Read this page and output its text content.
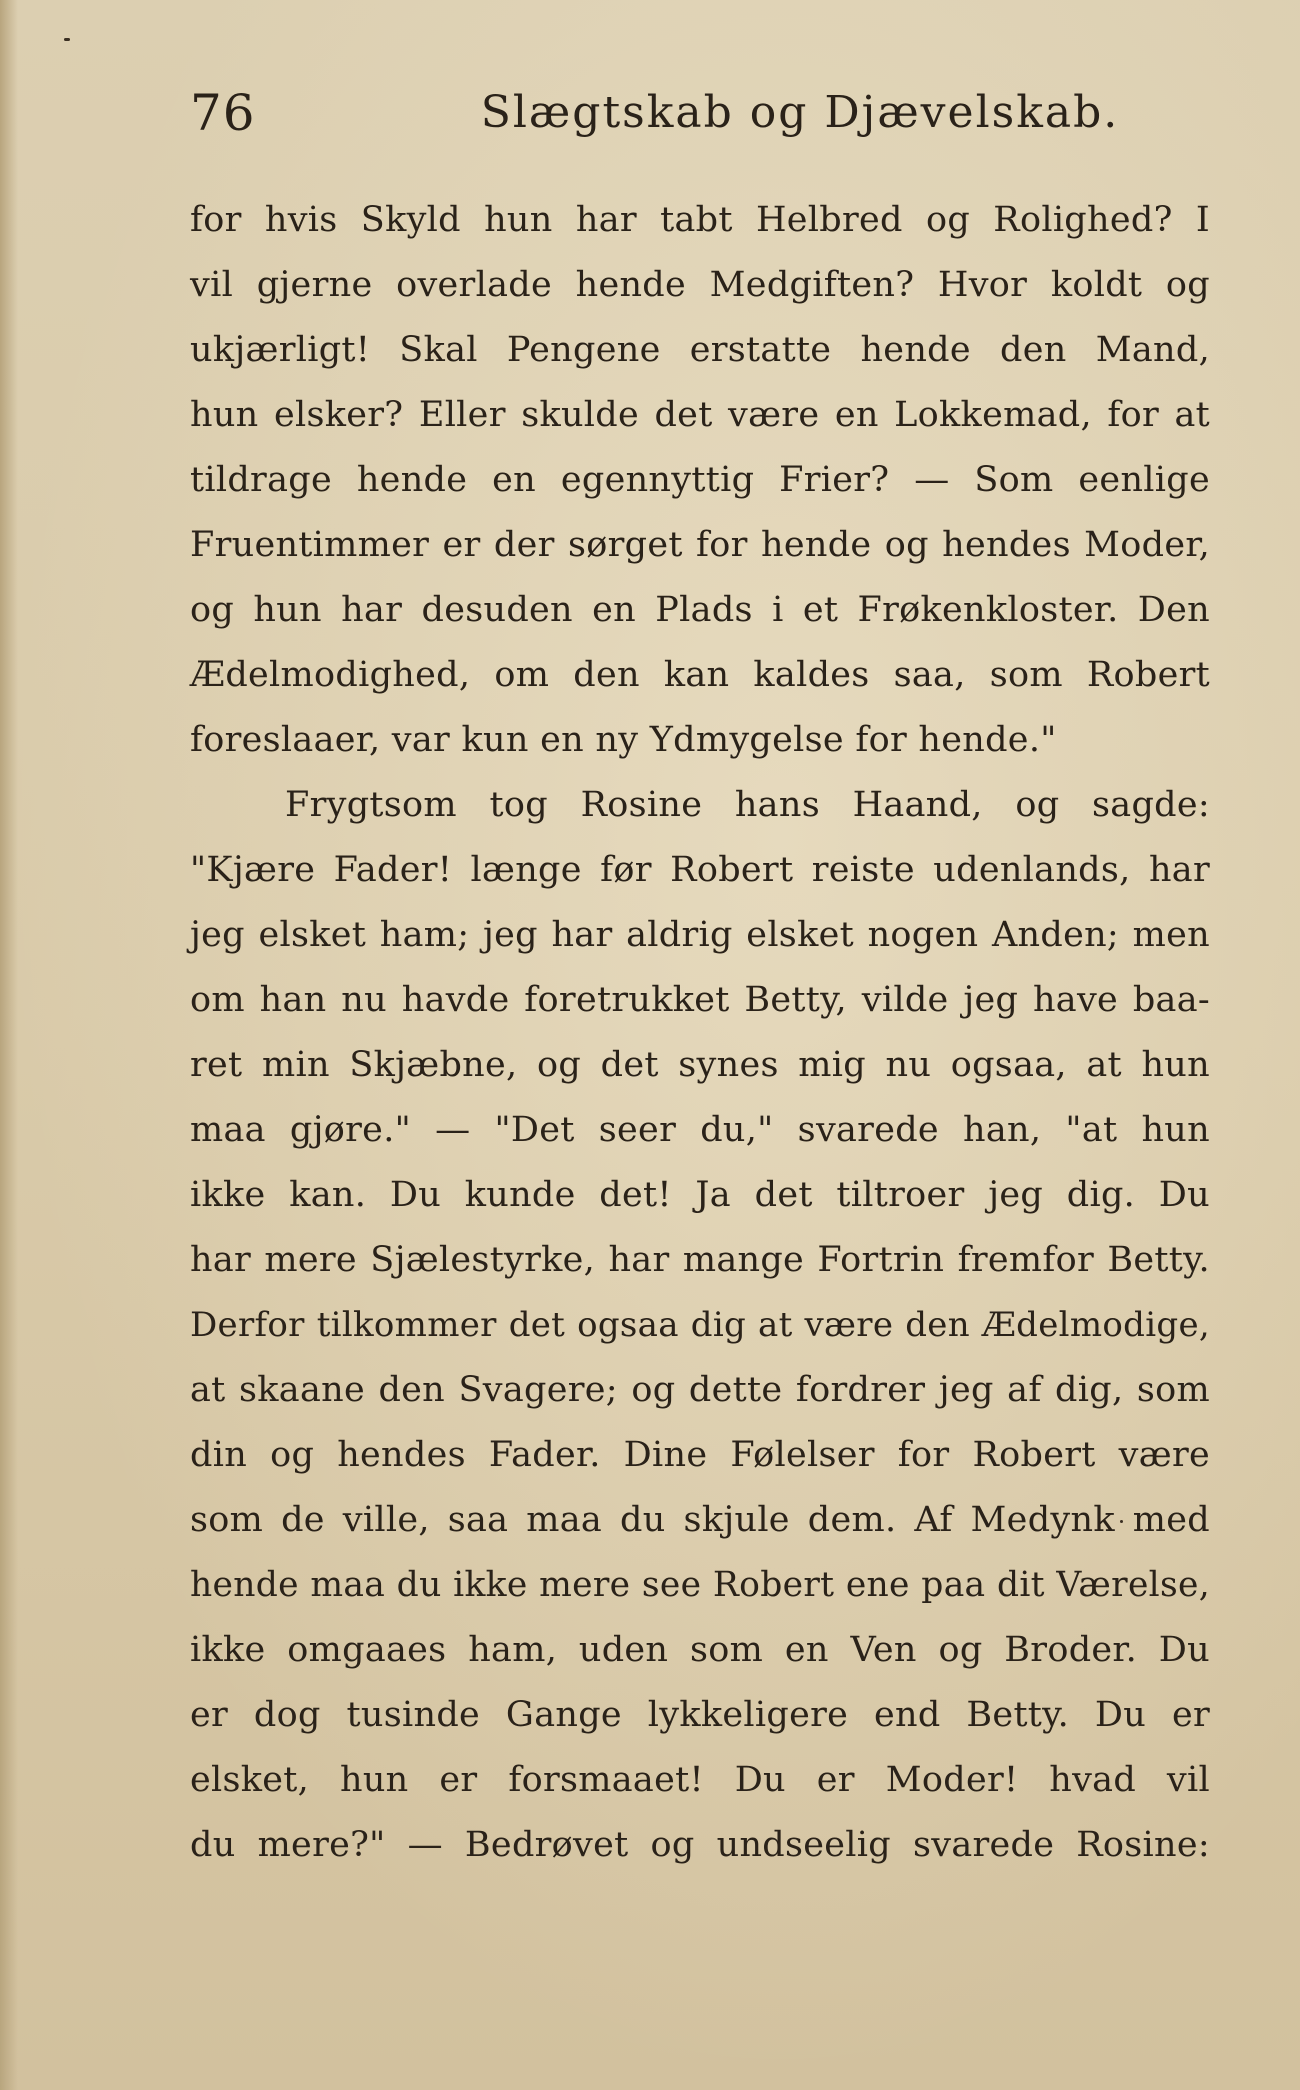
76	Slægtskab og Djævelskab.
for hvis Skyld hun har tabt Helbred og Rolighed? I
vil gjerne overlade hende Medgiften? Hvor koldt og
ukjærligt! Skal Pengene erstatte hende den Mand,
hun elsker? Eller skulde det være en Lokkemad, for at
tildrage hende en egennyttig Frier? — Som eenlige
Fruentimmer er der sørget for hende og hendes Moder,
og hun har desuden en Plads i et Frøkenkloster. Den
Ædelmodighed, om den kan kaldes saa, som Robert
foreslaaer, var kun en ny Ydmygelse for hende."
Frygtsom tog Rosine hans Haand, og sagde:
"Kjære Fader! længe før Robert reiste udenlands, har
jeg elsket ham; jeg har aldrig elsket nogen Anden; men
om han nu havde foretrukket Betty, vilde jeg have baa-
ret min Skjæbne, og det synes mig nu ogsaa, at hun
maa gjøre." — "Det seer du," svarede han, "at hun
ikke kan. Du kunde det! Ja det tiltroer jeg dig. Du
har mere Sjælestyrke, har mange Fortrin fremfor Betty.
Derfor tilkommer det ogsaa dig at være den Ædelmodige,
at skaane den Svagere; og dette fordrer jeg af dig, som
din og hendes Fader. Dine Følelser for Robert være
som de ville, saa maa du skjule dem. Af Medynk med
hende maa du ikke mere see Robert ene paa dit Værelse,
ikke omgaaes ham, uden som en Ven og Broder. Du
er dog tusinde Gange lykkeligere end Betty. Du er
elsket, hun er forsmaaet! Du er Moder! hvad vil
du mere?" — Bedrøvet og undseelig svarede Rosine:
